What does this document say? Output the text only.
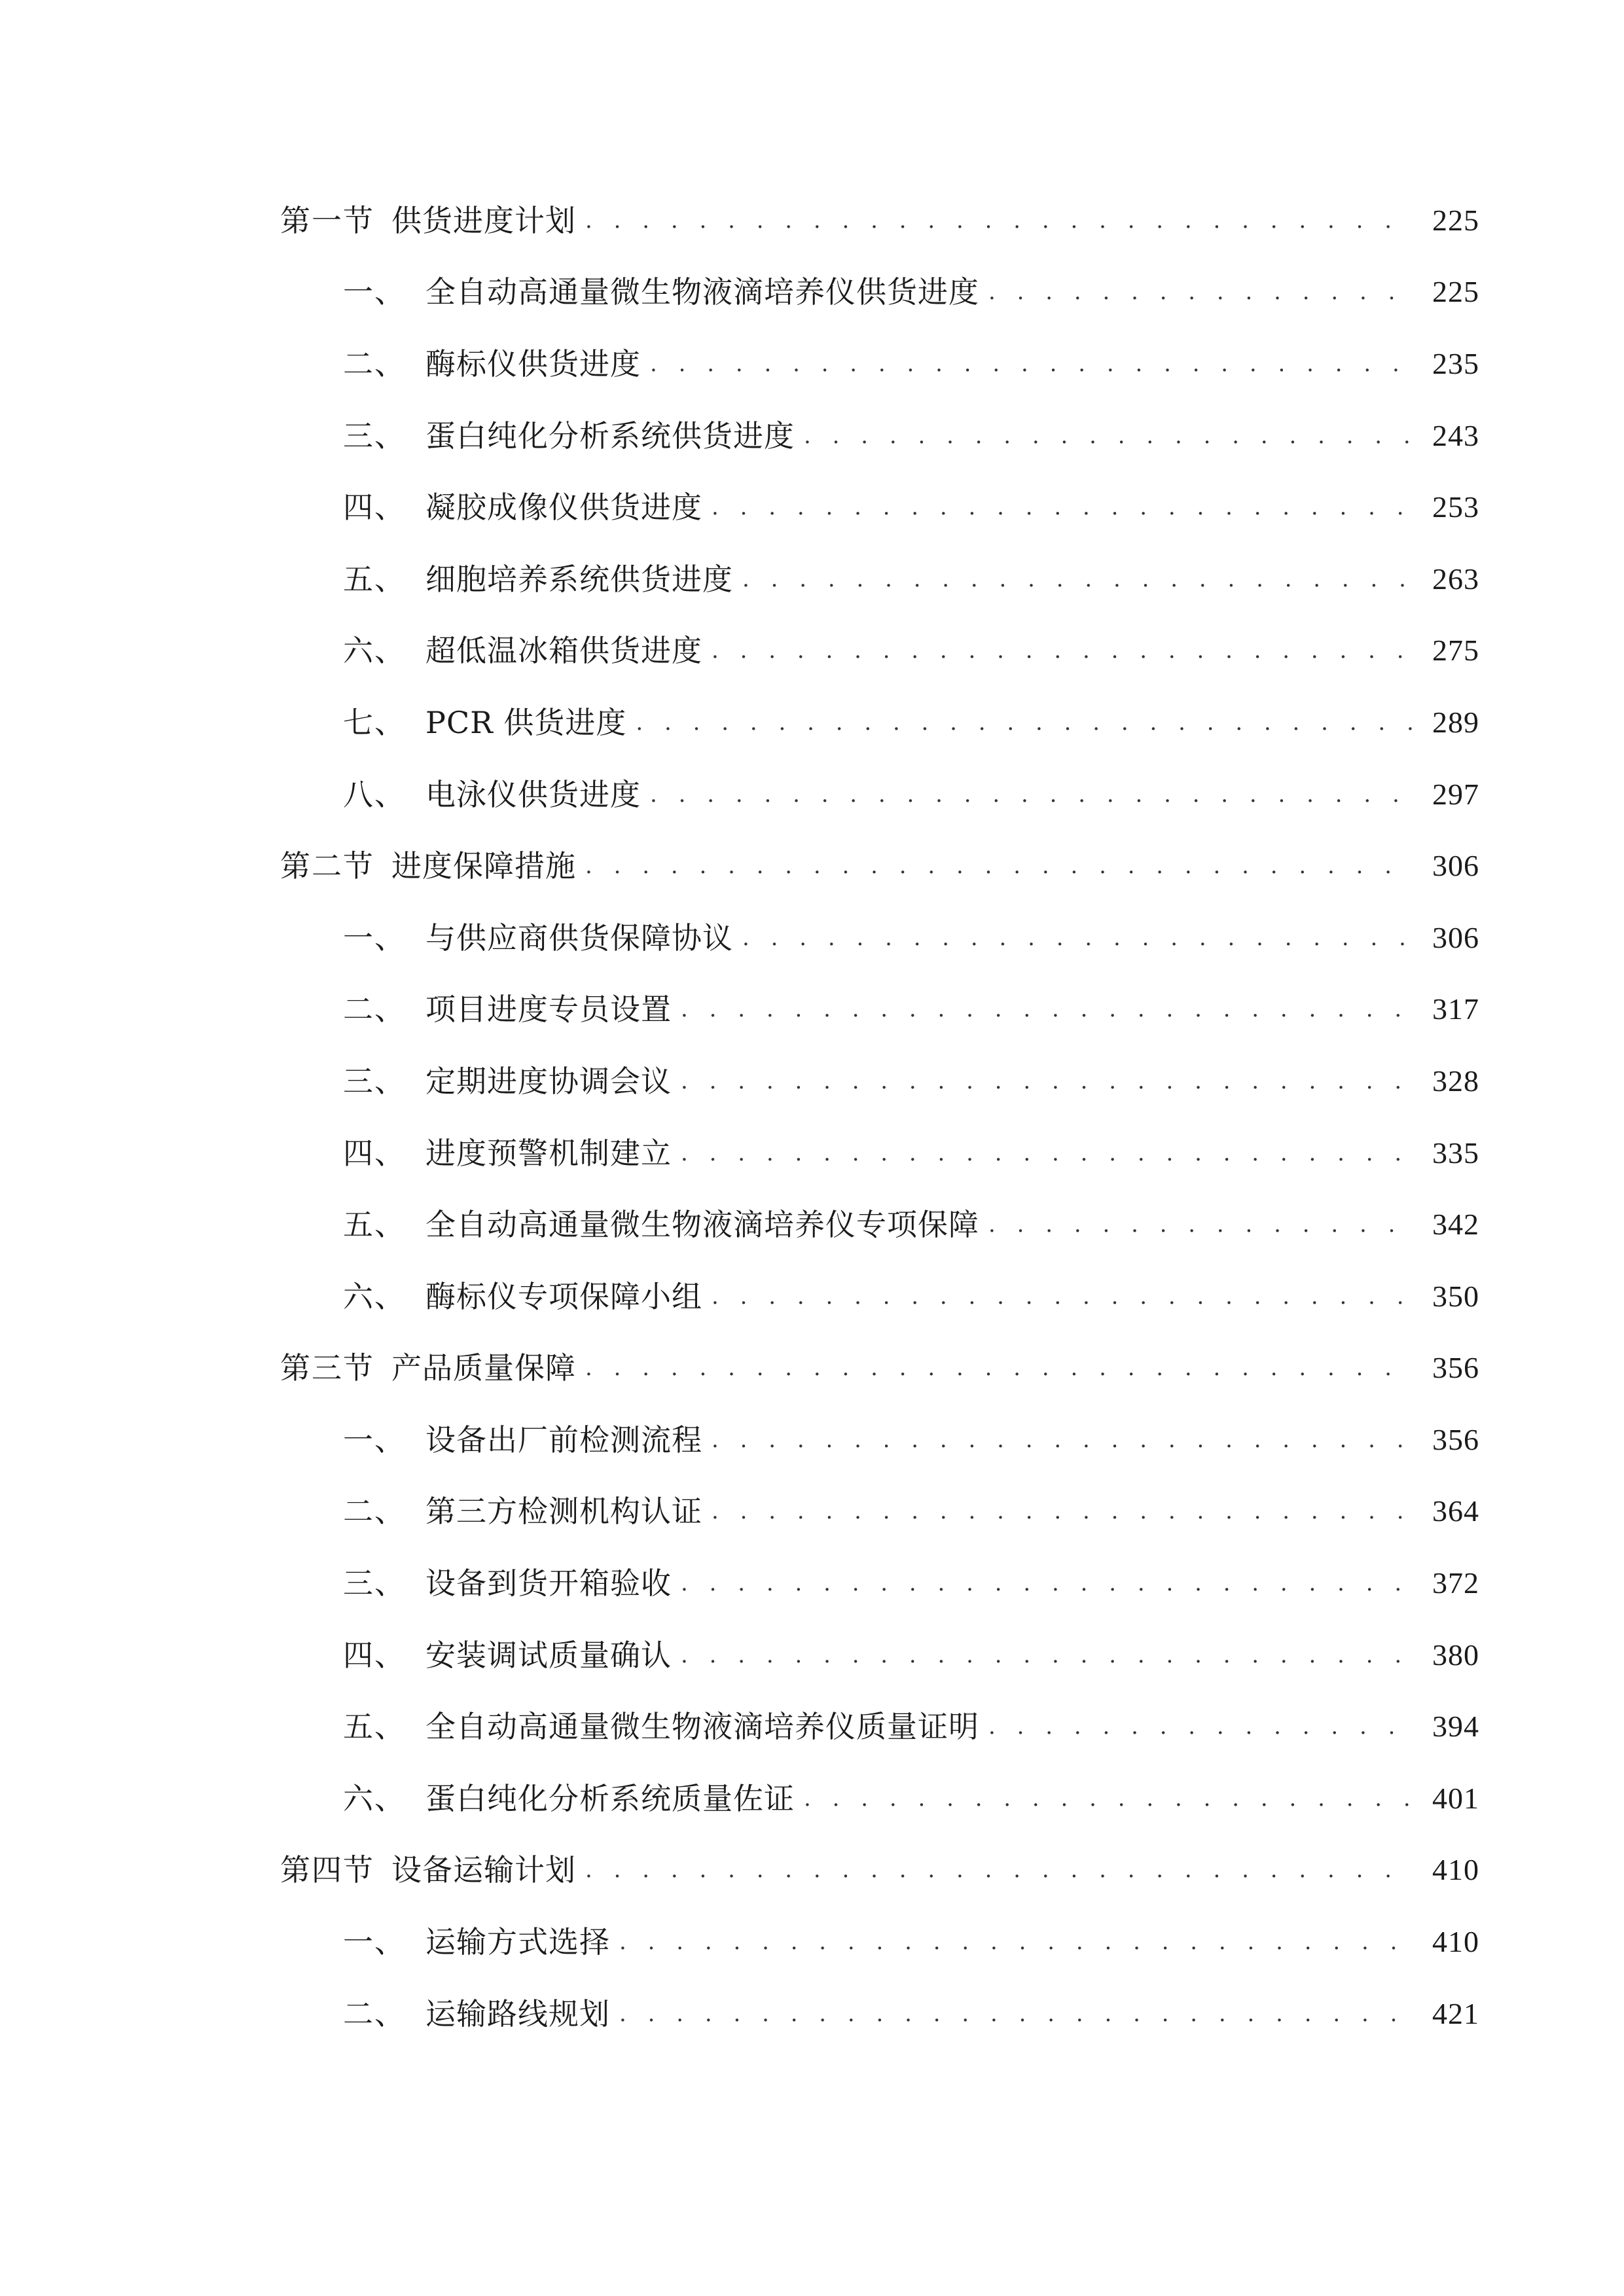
第一节 供货进度计划 . . .	225
一、 全自动高通量微生物液滴培养仪供货进度 . . .	225
二、 酶标仪供货进度 . . .	235
三、 蛋白纯化分析系统供货进度 . . .	243
四、 凝胶成像仪供货进度 . . .	253
五、 细胞培养系统供货进度 . . .	263
六、 超低温冰箱供货进度 . . .	275
七、 PCR 供货进度 . . .	289
八、 电泳仪供货进度 . . .	297
第二节 进度保障措施 . . .	306
一、 与供应商供货保障协议 . . .	306
二、 项目进度专员设置 . . .	317
三、 定期进度协调会议 . . .	328
四、 进度预警机制建立 . . .	335
五、 全自动高通量微生物液滴培养仪专项保障 . . .	342
六、 酶标仪专项保障小组 . . .	350
第三节 产品质量保障 . . .	356
一、 设备出厂前检测流程 . . .	356
二、 第三方检测机构认证 . . .	364
三、 设备到货开箱验收 . . .	372
四、 安装调试质量确认 . . .	380
五、 全自动高通量微生物液滴培养仪质量证明 . . .	394
六、 蛋白纯化分析系统质量佐证 . . .	401
第四节 设备运输计划 . . .	410
一、 运输方式选择 . . .	410
二、 运输路线规划 . . .	421
